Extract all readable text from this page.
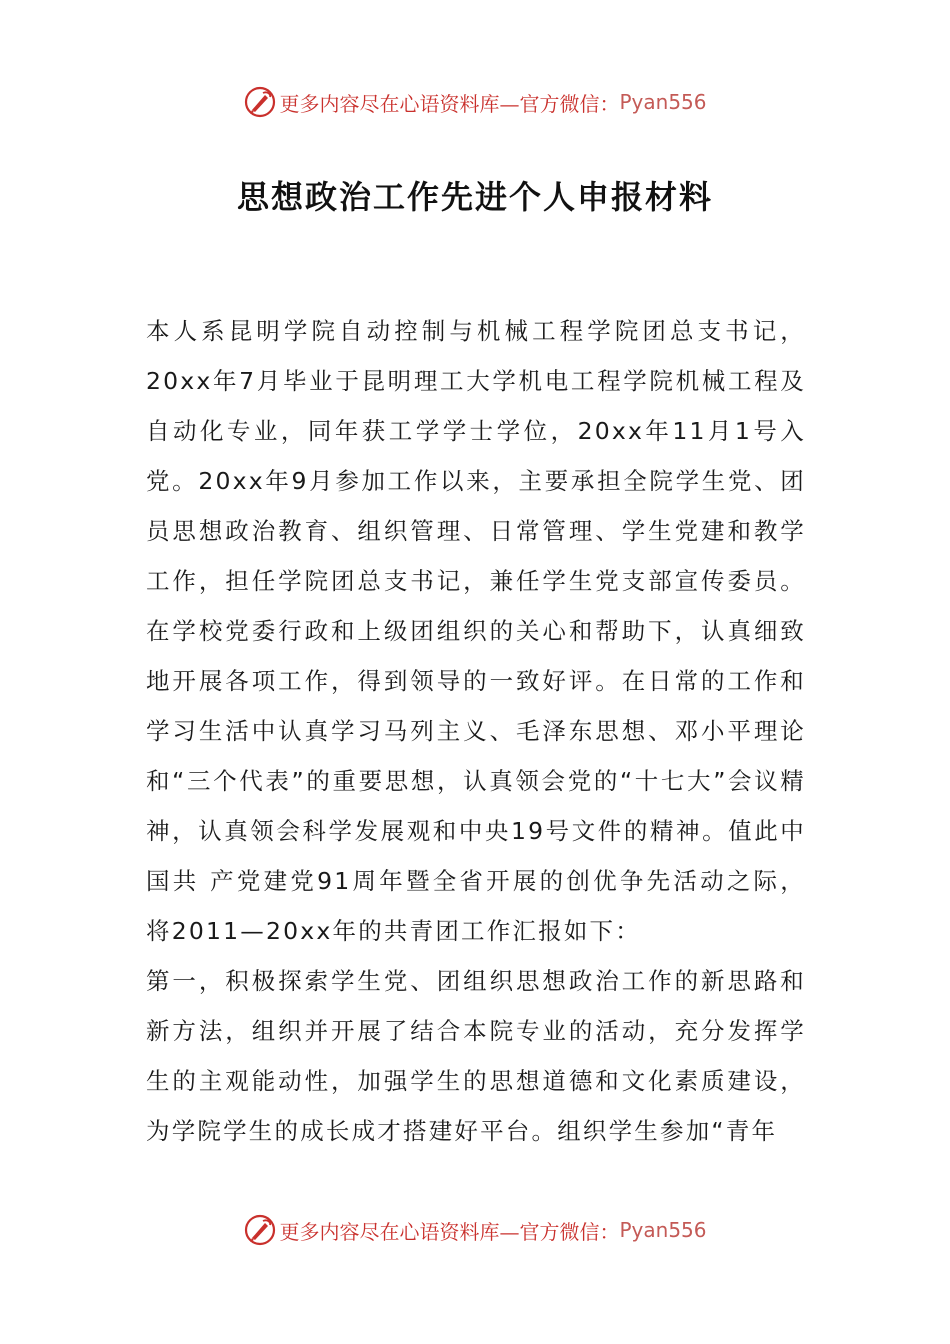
更多内容尽在心语资料库—官方微信： Pyan556
思想政治工作先进个人申报材料

本人系昆明学院自动控制与机械工程学院团总支书记，20xx年7月毕业于昆明理工大学机电工程学院机械工程及自动化专业，同年获工学学士学位，20xx年11月1号入党。20xx年9月参加工作以来，主要承担全院学生党、团员思想政治教育、组织管理、日常管理、学生党建和教学工作，担任学院团总支书记，兼任学生党支部宣传委员。在学校党委行政和上级团组织的关心和帮助下，认真细致地开展各项工作，得到领导的一致好评。在日常的工作和学习生活中认真学习马列主义、毛泽东思想、邓小平理论和“三个代表”的重要思想，认真领会党的“十七大”会议精神，认真领会科学发展观和中央19号文件的精神。值此中国共 产党建党91周年暨全省开展的创优争先活动之际，将2011—20xx年的共青团工作汇报如下：

第一，积极探索学生党、团组织思想政治工作的新思路和新方法，组织并开展了结合本院专业的活动，充分发挥学生的主观能动性，加强学生的思想道德和文化素质建设，为学院学生的成长成才搭建好平台。组织学生参加“青年

更多内容尽在心语资料库—官方微信： Pyan556
